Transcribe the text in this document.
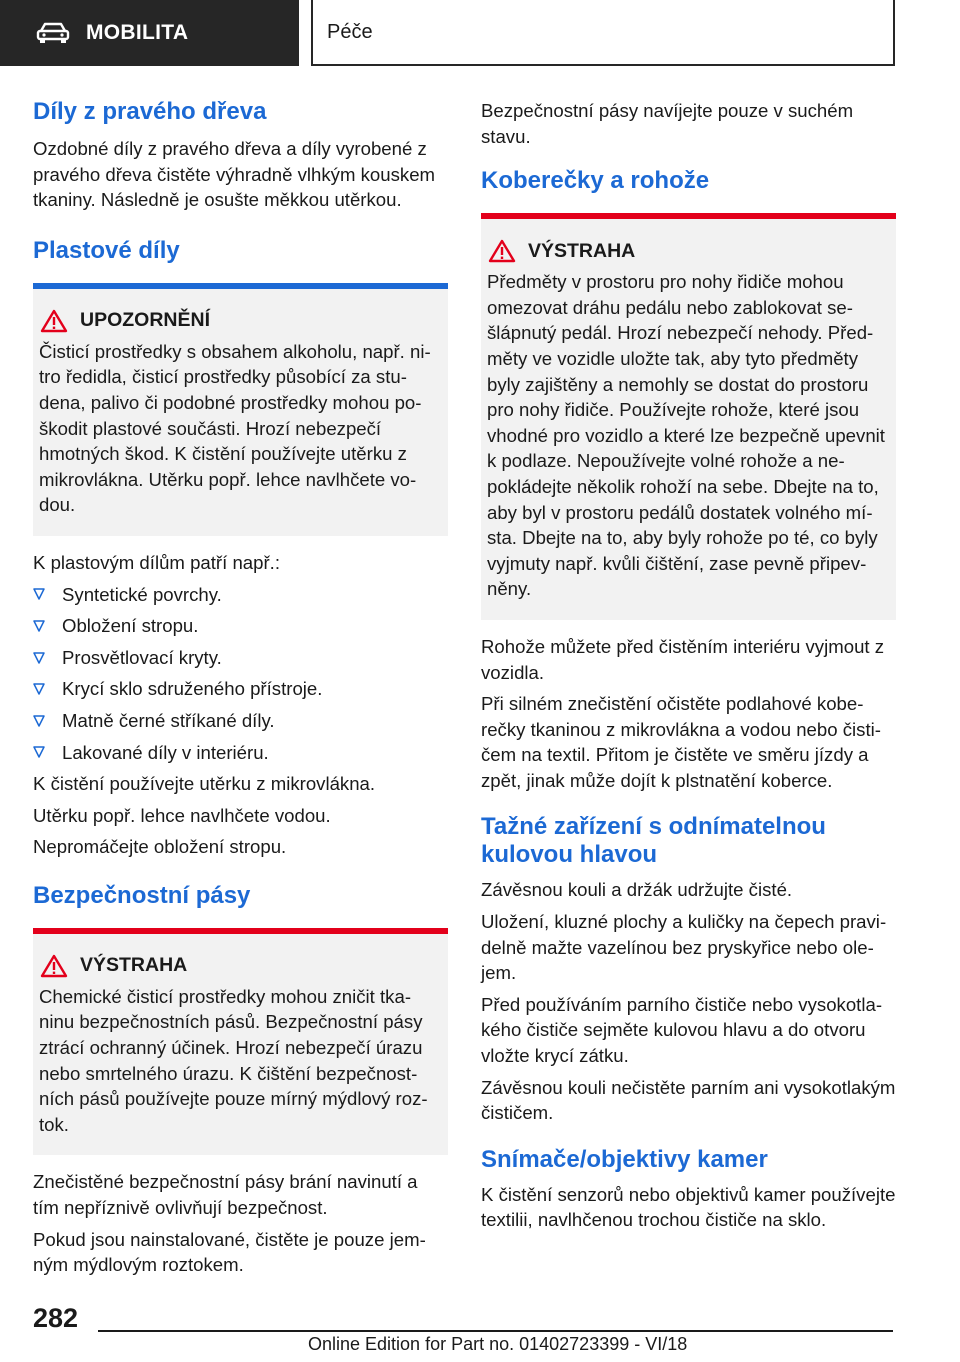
MOBILITA	Péče
Díly z pravého dřeva

Ozdobné díly z pravého dřeva a díly vyrobené z pravého dřeva čistěte výhradně vlhkým kouskem tkaniny. Následně je osušte měkkou utěrkou.

Plastové díly
UPOZORNĚNÍ
Čisticí prostředky s obsahem alkoholu, např. nitro ředidla, čisticí prostředky působící za studena, palivo či podobné prostředky mohou poškodit plastové součásti. Hrozí nebezpečí hmotných škod. K čistění používejte utěrku z mikrovlákna. Utěrku popř. lehce navlhčete vodou.

K plastovým dílům patří např.:

Syntetické povrchy.
Obložení stropu.
Prosvětlovací kryty.
Krycí sklo sdruženého přístroje.
Matně černé stříkané díly.
Lakované díly v interiéru.

K čistění používejte utěrku z mikrovlákna.

Utěrku popř. lehce navlhčete vodou.

Nepromáčejte obložení stropu.

Bezpečnostní pásy
VÝSTRAHA
Chemické čisticí prostředky mohou zničit tkaninu bezpečnostních pásů. Bezpečnostní pásy ztrácí ochranný účinek. Hrozí nebezpečí úrazu nebo smrtelného úrazu. K čištění bezpečnostních pásů používejte pouze mírný mýdlový roztok.

Znečistěné bezpečnostní pásy brání navinutí a tím nepříznivě ovlivňují bezpečnost.

Pokud jsou nainstalované, čistěte je pouze jemným mýdlovým roztokem.

Bezpečnostní pásy navíjejte pouze v suchém stavu.

Koberečky a rohože
VÝSTRAHA
Předměty v prostoru pro nohy řidiče mohou omezovat dráhu pedálu nebo zablokovat sešlápnutý pedál. Hrozí nebezpečí nehody. Předměty ve vozidle uložte tak, aby tyto předměty byly zajištěny a nemohly se dostat do prostoru pro nohy řidiče. Používejte rohože, které jsou vhodné pro vozidlo a které lze bezpečně upevnit k podlaze. Nepoužívejte volné rohože a nepokládejte několik rohoží na sebe. Dbejte na to, aby byl v prostoru pedálů dostatek volného místa. Dbejte na to, aby byly rohože po té, co byly vyjmuty např. kvůli čištění, zase pevně připevněny.

Rohože můžete před čistěním interiéru vyjmout z vozidla.

Při silném znečistění očistěte podlahové koberečky tkaninou z mikrovlákna a vodou nebo čističem na textil. Přitom je čistěte ve směru jízdy a zpět, jinak může dojít k plstnatění koberce.

Tažné zařízení s odnímatelnou kulovou hlavou

Závěsnou kouli a držák udržujte čisté.

Uložení, kluzné plochy a kuličky na čepech pravidelně mažte vazelínou bez pryskyřice nebo olejem.

Před používáním parního čističe nebo vysokotlakého čističe sejměte kulovou hlavu a do otvoru vložte krycí zátku.

Závěsnou kouli nečistěte parním ani vysokotlakým čističem.

Snímače/objektivy kamer

K čistění senzorů nebo objektivů kamer používejte textilii, navlhčenou trochou čističe na sklo.

282
Online Edition for Part no. 01402723399 - VI/18
